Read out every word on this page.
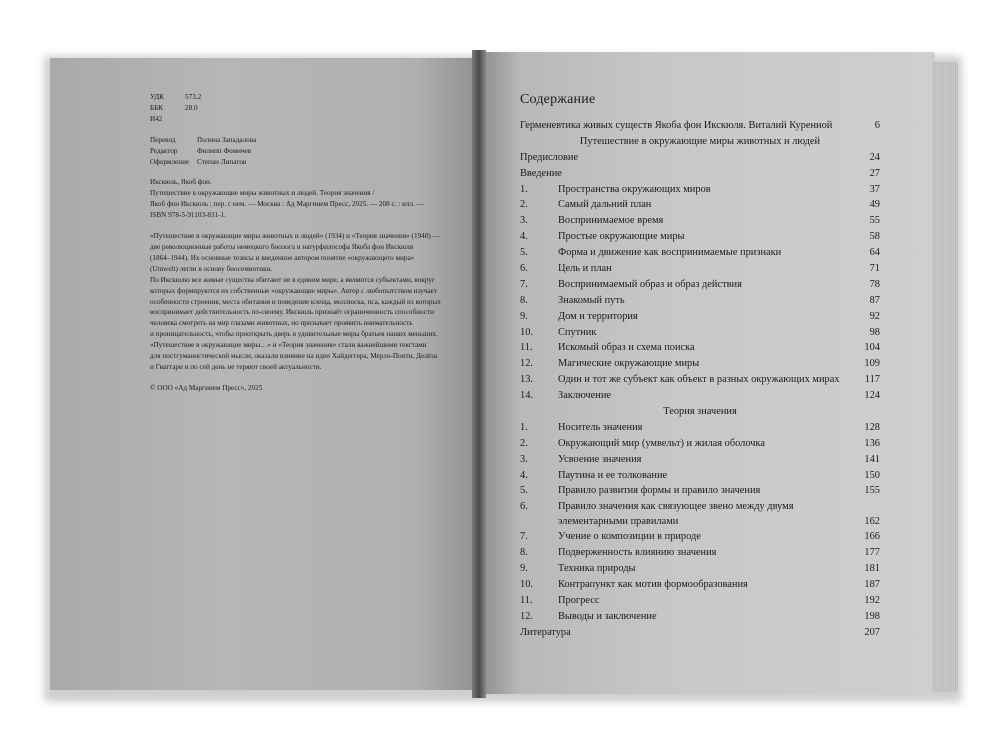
УДК	573.2
ББК	28.0
И42
Перевод	Полина Западалова
Редактор	Филипп Фомичев
Оформление	Степан Липатов

Икскюль, Якоб фон.

Путешествие в окружающие миры животных и людей. Теория значения /

Якоб фон Икскюль ; пер. с нем. — Москва : Ад Маргинем Пресс, 2025. — 208 с. : илл. —

ISBN 978-5-91103-831-1.

«Путешествие в окружающие миры животных и людей» (1934) и «Теория значения» (1940) —

две революционные работы немецкого биолога и натурфилософа Якоба фон Икскюля

(1864–1944). Их основные тезисы и введенное автором понятие «окружающего мира»

(Umwelt) легли в основу биосемиотики.

По Икскюлю все живые существа обитают не в едином мире, а являются субъектами, вокруг

которых формируются их собственные «окружающие миры». Автор с любопытством изучает

особенности строения, места обитания и поведение клеща, моллюска, пса, каждый из которых

воспринимает действительность по-своему. Икскюль признаёт ограниченность способности

человека смотреть на мир глазами животных, но призывает проявить внимательность

и проницательность, чтобы приоткрыть дверь в удивительные миры братьев наших меньших.

«Путешествие в окружающие миры…» и «Теория значения» стали важнейшими текстами

для постгуманистической мысли, оказали влияние на идеи Хайдеггера, Мерло-Понти, Делёза

и Гваттари и по сей день не теряют своей актуальности.

© ООО «Ад Маргинем Пресс», 2025

Содержание
Герменевтика живых существ Якоба фон Икскюля. Виталий Куренной	6
Путешествие в окружающие миры животных и людей
Предисловие	24
Введение	27
1.	Пространства окружающих миров	37
2.	Самый дальний план	49
3.	Воспринимаемое время	55
4.	Простые окружающие миры	58
5.	Форма и движение как воспринимаемые признаки	64
6.	Цель и план	71
7.	Воспринимаемый образ и образ действия	78
8.	Знакомый путь	87
9.	Дом и территория	92
10.	Спутник	98
11.	Искомый образ и схема поиска	104
12.	Магические окружающие миры	109
13.	Один и тот же субъект как объект в разных окружающих мирах	117
14.	Заключение	124
Теория значения
1.	Носитель значения	128
2.	Окружающий мир (умвельт) и жилая оболочка	136
3.	Усвоение значения	141
4.	Паутина и ее толкование	150
5.	Правило развития формы и правило значения	155
6.	Правило значения как связующее звено между двумя элементарными правилами	162
7.	Учение о композиции в природе	166
8.	Подверженность влиянию значения	177
9.	Техника природы	181
10.	Контрапункт как мотив формообразования	187
11.	Прогресс	192
12.	Выводы и заключение	198
Литература	207
